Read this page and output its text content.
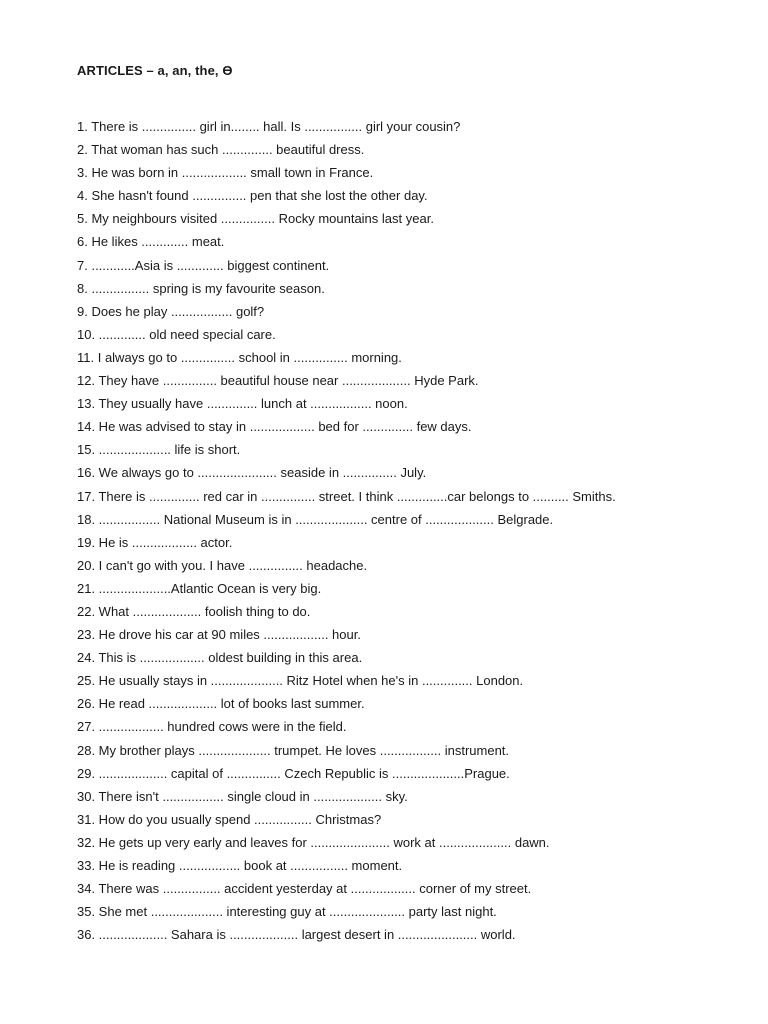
ARTICLES – a, an, the, Ɵ
1. There is ............... girl in........ hall. Is ................ girl your cousin?
2. That woman has such .............. beautiful dress.
3. He was born in .................. small town in France.
4. She hasn't found ............... pen that she lost the other day.
5. My neighbours visited ............... Rocky mountains last year.
6. He likes ............. meat.
7. ............Asia is ............. biggest continent.
8. ................ spring is my favourite season.
9. Does he play ................. golf?
10. ............. old need special care.
11. I always go to ............... school in ............... morning.
12. They have ............... beautiful house near ................... Hyde Park.
13. They usually have .............. lunch at ................. noon.
14. He was advised to stay in .................. bed for .............. few days.
15. .................... life is short.
16. We always go to ...................... seaside in ............... July.
17. There is .............. red car in ............... street. I think ..............car belongs to .......... Smiths.
18. ................. National Museum is in .................... centre of ................... Belgrade.
19. He is .................. actor.
20. I can't go with you. I have ............... headache.
21. ....................Atlantic Ocean is very big.
22. What ................... foolish thing to do.
23. He drove his car at 90 miles .................. hour.
24. This is .................. oldest building in this area.
25. He usually stays in .................... Ritz Hotel when he's in .............. London.
26. He read ................... lot of books last summer.
27. .................. hundred cows were in the field.
28. My brother plays .................... trumpet. He loves ................. instrument.
29. ................... capital of ............... Czech Republic is ....................Prague.
30. There isn't ................. single cloud in ................... sky.
31. How do you usually spend ................ Christmas?
32. He gets up very early and leaves for ...................... work at .................... dawn.
33. He is reading ................. book at ................ moment.
34. There was ................ accident yesterday at .................. corner of my street.
35. She met .................... interesting guy at ..................... party last night.
36. ................... Sahara is ................... largest desert in ...................... world.
